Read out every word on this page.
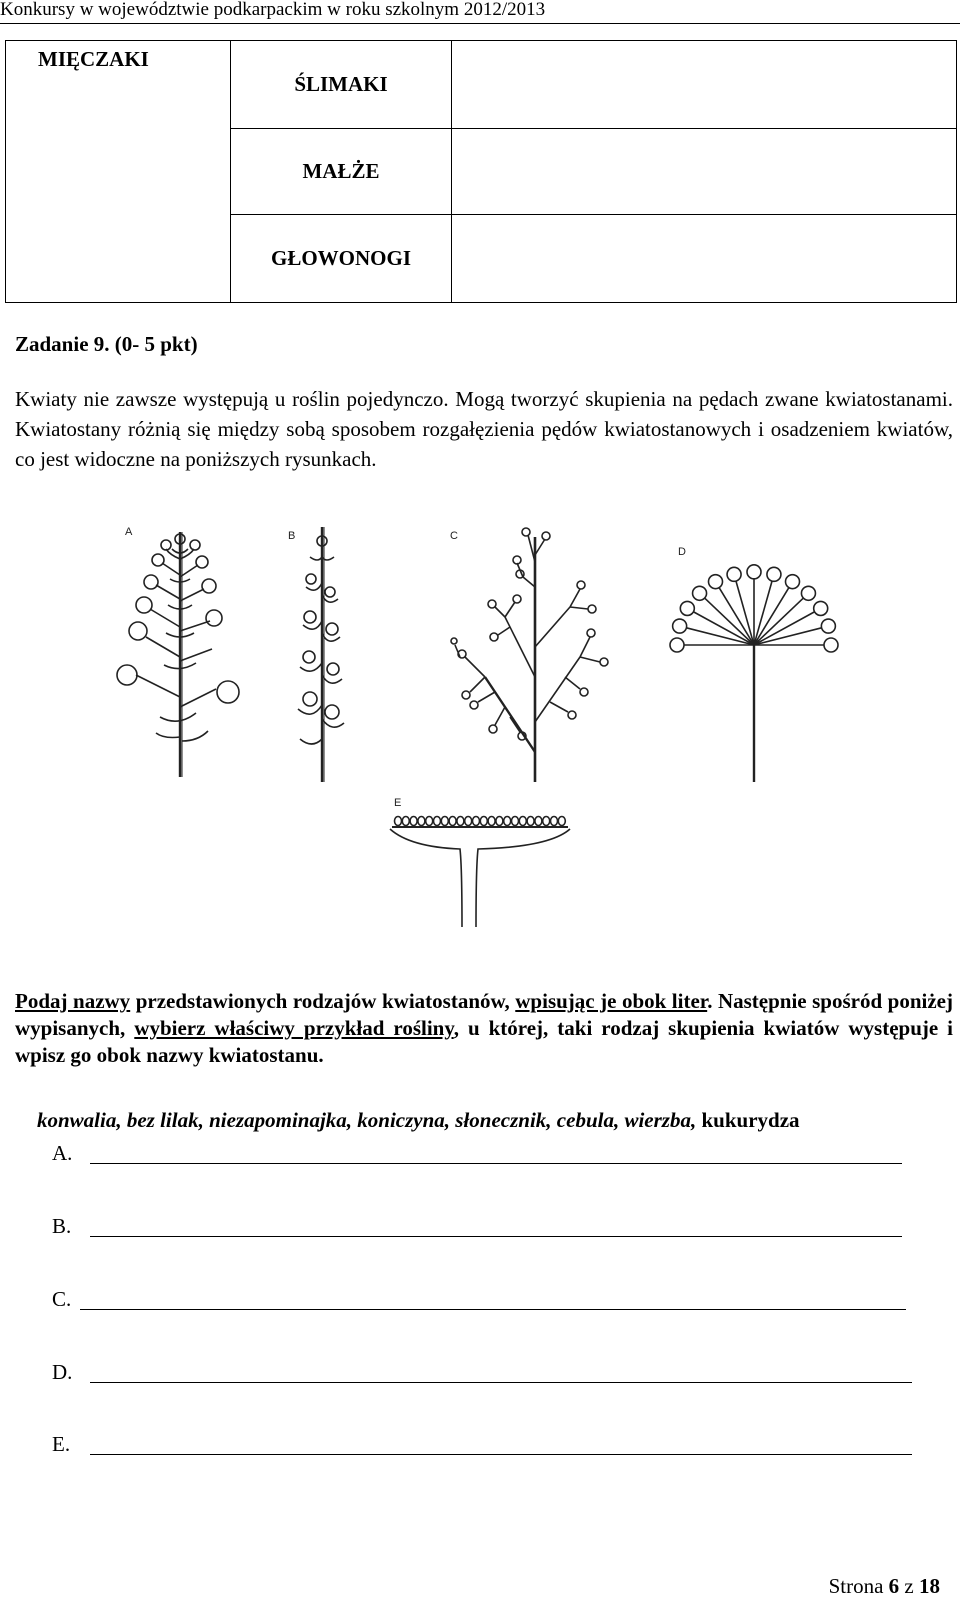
Konkursy w województwie podkarpackim w roku szkolnym 2012/2013
MIĘCZAKI	ŚLIMAKI	
	MAŁŻE	
	GŁOWONOGI	
Zadanie 9. (0- 5 pkt)
Kwiaty nie zawsze występują u roślin pojedynczo. Mogą tworzyć skupienia na pędach zwane kwiatostanami. Kwiatostany różnią się między sobą sposobem rozgałęzienia pędów kwiatostanowych i osadzeniem kwiatów, co jest widoczne na poniższych rysunkach.
A	B	C
D
E
Podaj nazwy przedstawionych rodzajów kwiatostanów, wpisując je obok liter. Następnie spośród poniżej wypisanych, wybierz właściwy przykład rośliny, u której, taki rodzaj skupienia kwiatów występuje i wpisz go obok nazwy kwiatostanu.
konwalia, bez lilak, niezapominajka, koniczyna, słonecznik, cebula, wierzba, kukurydza
A.
B.
C.
D.
E.
Strona 6 z 18
